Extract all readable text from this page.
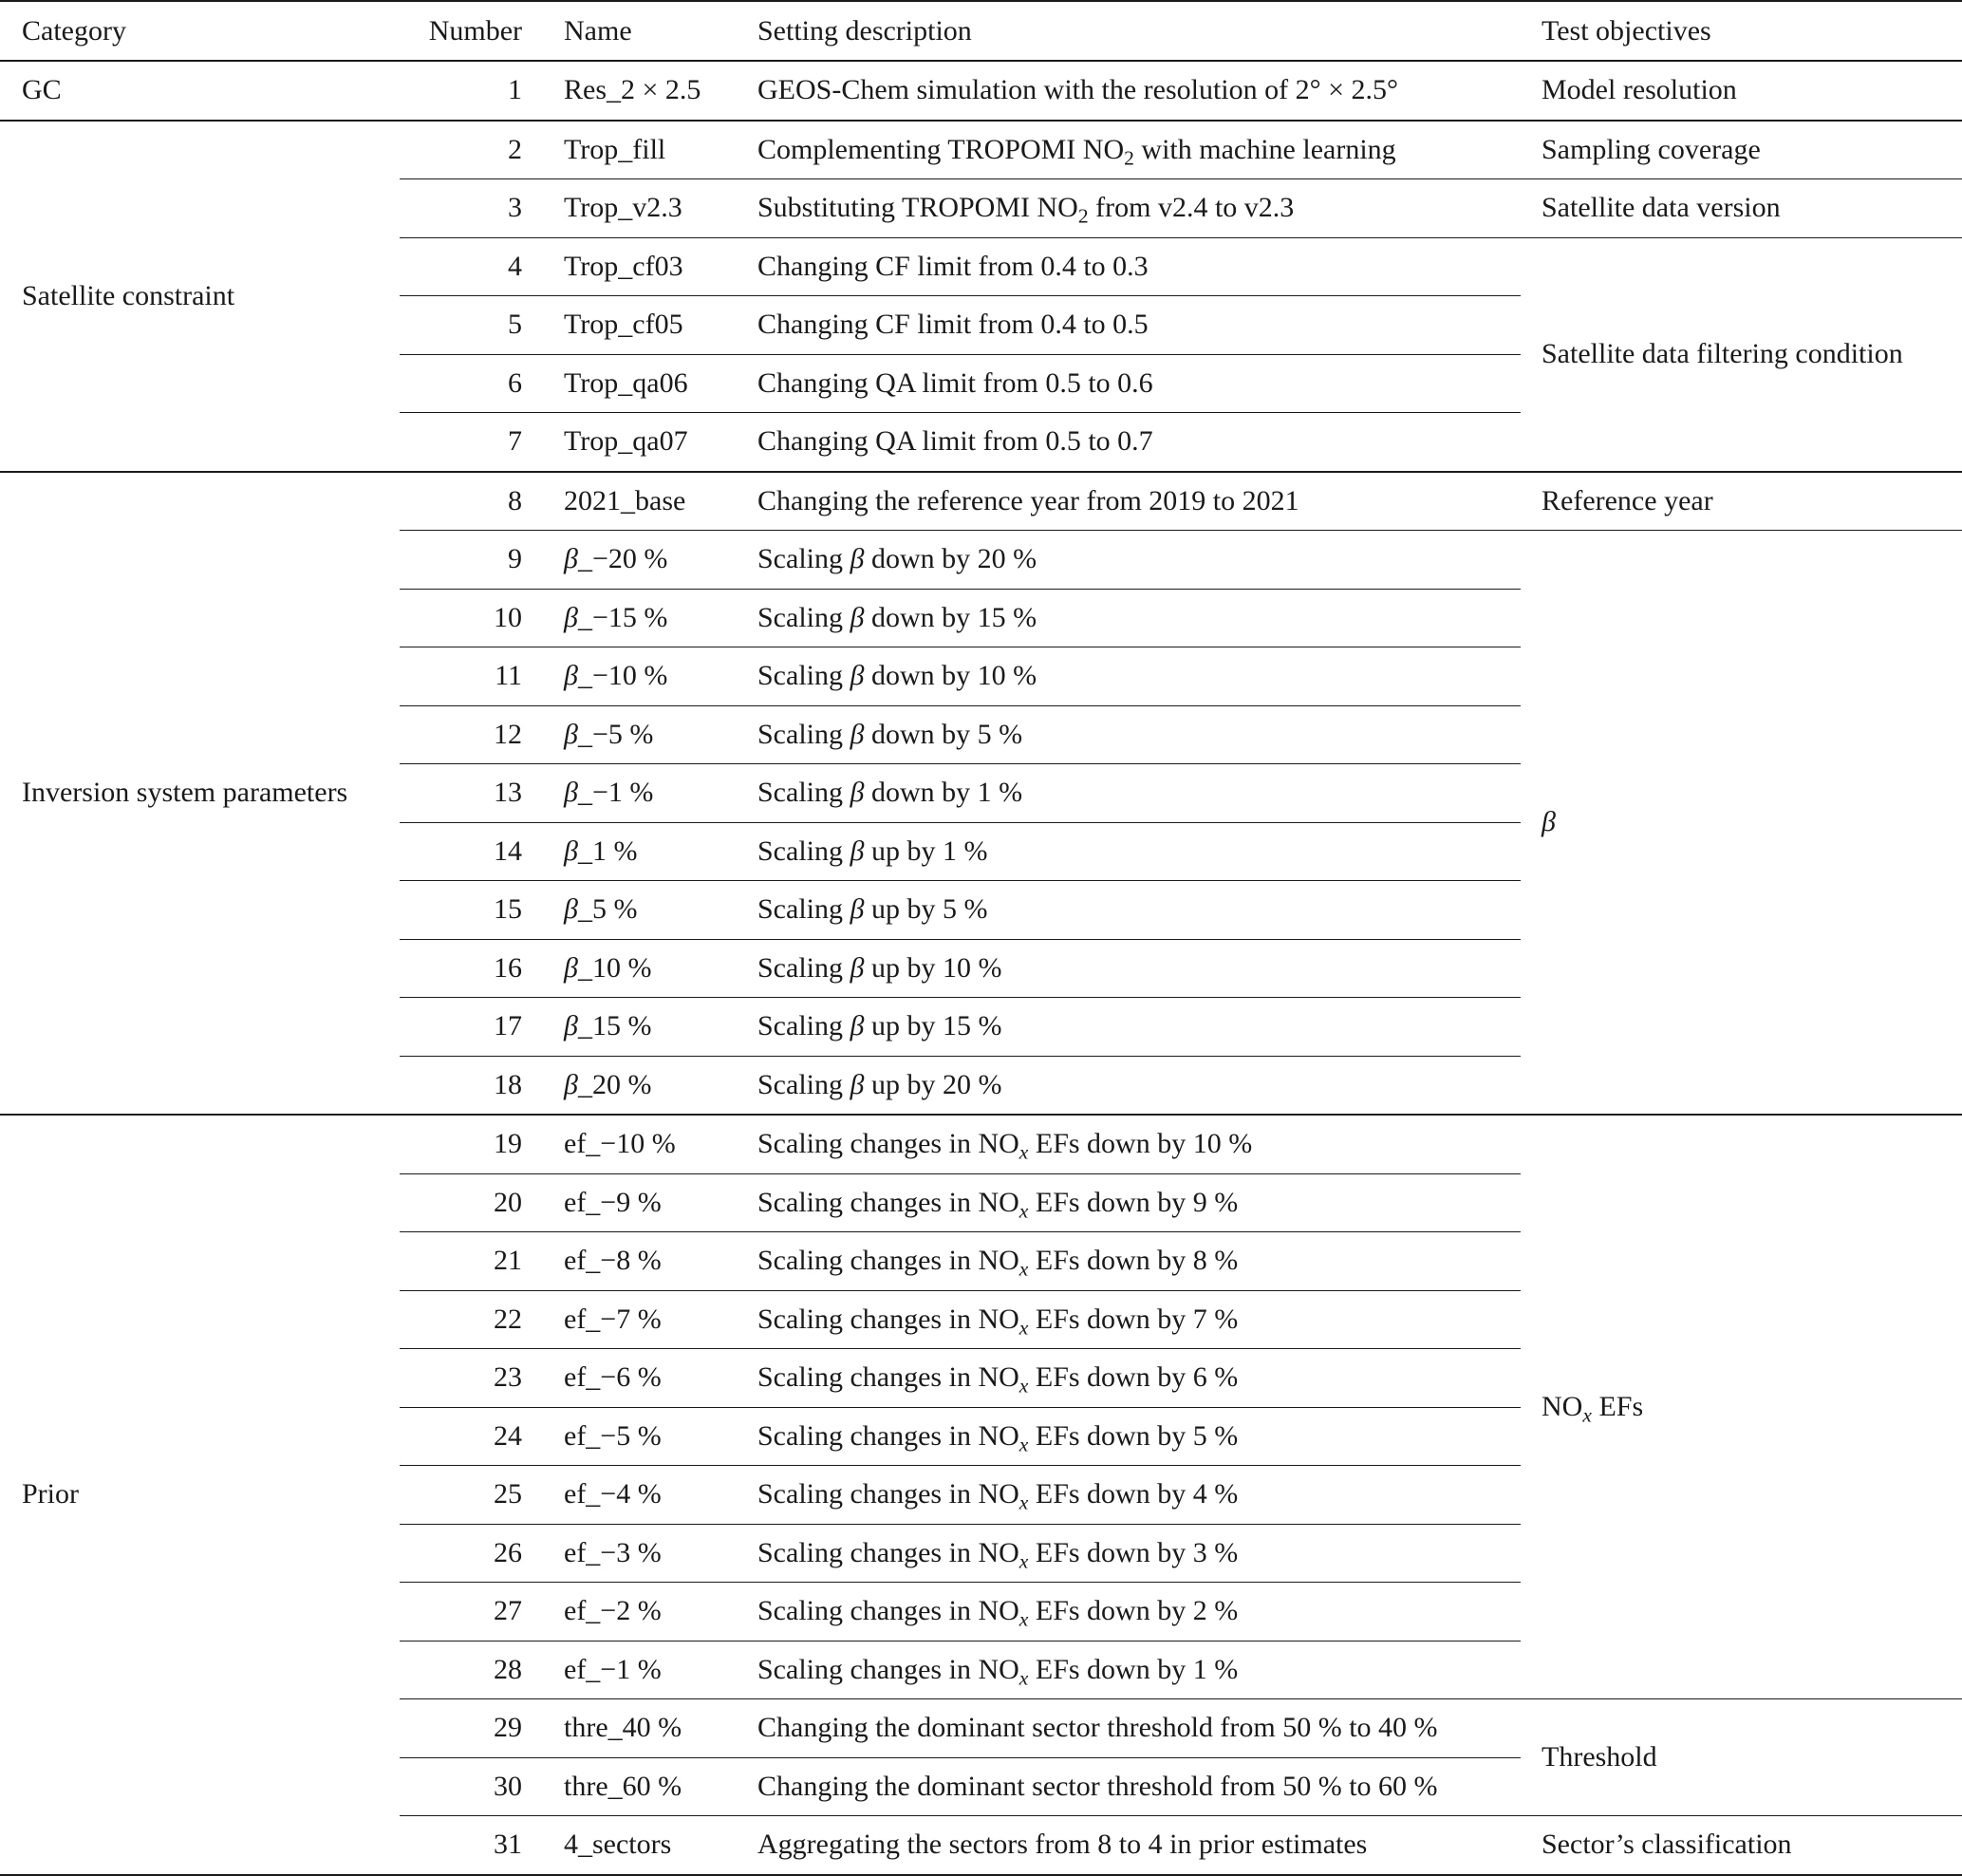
Category	Number	Name	Setting description	Test objectives
GC	1	Res_2 × 2.5	GEOS-Chem simulation with the resolution of 2° × 2.5°	Model resolution
Satellite constraint	2	Trop_fill	Complementing TROPOMI $NO_2$ with machine learning	Sampling coverage
	3	Trop_v2.3	Substituting TROPOMI $NO_2$ from v2.4 to v2.3	Satellite data version
	4	Trop_cf03	Changing CF limit from 0.4 to 0.3	Satellite data filtering condition
	5	Trop_cf05	Changing CF limit from 0.4 to 0.5	
	6	Trop_qa06	Changing QA limit from 0.5 to 0.6	
	7	Trop_qa07	Changing QA limit from 0.5 to 0.7	
Inversion system parameters	8	2021_base	Changing the reference year from 2019 to 2021	Reference year
	9	β_−20 %	Scaling β down by 20 %	β
	10	β_−15 %	Scaling β down by 15 %	
	11	β_−10 %	Scaling β down by 10 %	
	12	β_−5 %	Scaling β down by 5 %	
	13	β_−1 %	Scaling β down by 1 %	
	14	β_1 %	Scaling β up by 1 %	
	15	β_5 %	Scaling β up by 5 %	
	16	β_10 %	Scaling β up by 10 %	
	17	β_15 %	Scaling β up by 15 %	
	18	β_20 %	Scaling β up by 20 %	
Prior	19	ef_−10 %	Scaling changes in $NO_x$ EFs down by 10 %	$NO_x$ EFs
	20	ef_−9 %	Scaling changes in $NO_x$ EFs down by 9 %	
	21	ef_−8 %	Scaling changes in $NO_x$ EFs down by 8 %	
	22	ef_−7 %	Scaling changes in $NO_x$ EFs down by 7 %	
	23	ef_−6 %	Scaling changes in $NO_x$ EFs down by 6 %	
	24	ef_−5 %	Scaling changes in $NO_x$ EFs down by 5 %	
	25	ef_−4 %	Scaling changes in $NO_x$ EFs down by 4 %	
	26	ef_−3 %	Scaling changes in $NO_x$ EFs down by 3 %	
	27	ef_−2 %	Scaling changes in $NO_x$ EFs down by 2 %	
	28	ef_−1 %	Scaling changes in $NO_x$ EFs down by 1 %	
	29	thre_40 %	Changing the dominant sector threshold from 50 % to 40 %	Threshold
	30	thre_60 %	Changing the dominant sector threshold from 50 % to 60 %	
	31	4_sectors	Aggregating the sectors from 8 to 4 in prior estimates	Sector’s classification
